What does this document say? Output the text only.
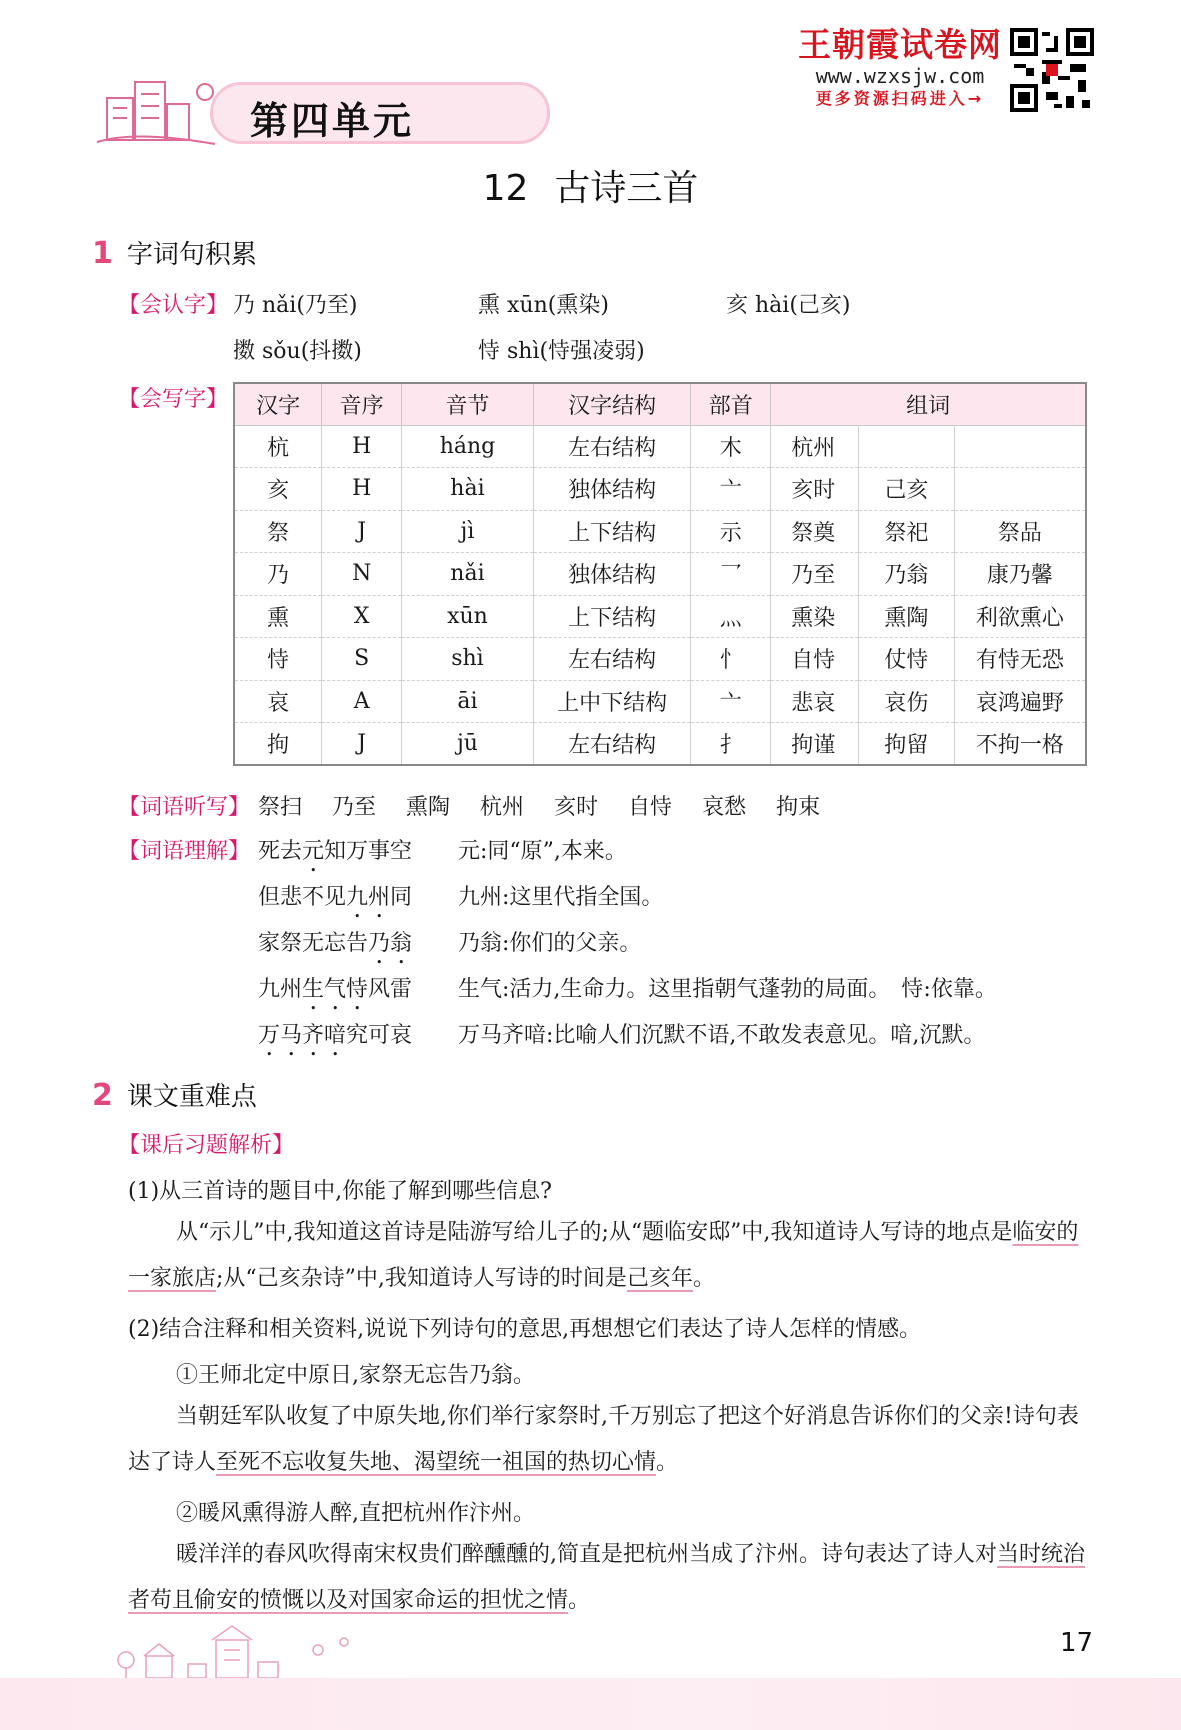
第四单元
王朝霞试卷网
www.wzxsjw.com
更多资源扫码进入→
12 古诗三首
1 字词句积累
【会认字】 乃 nǎi(乃至)	熏 xūn(熏染)	亥 hài(己亥)
擞 sǒu(抖擞)	恃 shì(恃强凌弱)
【会写字】 汉字	音序	音节	汉字结构	部首	组词		
杭	H	háng	左右结构	木	杭州		
亥	H	hài	独体结构	亠	亥时	己亥	
祭	J	jì	上下结构	示	祭奠	祭祀	祭品
乃	N	nǎi	独体结构	乛	乃至	乃翁	康乃馨
熏	X	xūn	上下结构	灬	熏染	熏陶	利欲熏心
恃	S	shì	左右结构	忄	自恃	仗恃	有恃无恐
哀	A	āi	上中下结构	亠	悲哀	哀伤	哀鸿遍野
拘	J	jū	左右结构	扌	拘谨	拘留	不拘一格
【词语听写】 祭扫 乃至 熏陶 杭州 亥时 自恃 哀愁 拘束
【词语理解】 死去元知万事空 元:同“原”,本来。
但悲不见九州同 九州:这里代指全国。
家祭无忘告乃翁 乃翁:你们的父亲。
九州生气恃风雷 生气:活力,生命力。这里指朝气蓬勃的局面。　恃:依靠。
万马齐喑究可哀 万马齐喑:比喻人们沉默不语,不敢发表意见。喑,沉默。
2 课文重难点
【课后习题解析】
(1)从三首诗的题目中,你能了解到哪些信息?
从“示儿”中,我知道这首诗是陆游写给儿子的;从“题临安邸”中,我知道诗人写诗的地点是临安的一家旅店;从“己亥杂诗”中,我知道诗人写诗的时间是己亥年。
(2)结合注释和相关资料,说说下列诗句的意思,再想想它们表达了诗人怎样的情感。
①王师北定中原日,家祭无忘告乃翁。
当朝廷军队收复了中原失地,你们举行家祭时,千万别忘了把这个好消息告诉你们的父亲!诗句表达了诗人至死不忘收复失地、渴望统一祖国的热切心情。
②暖风熏得游人醉,直把杭州作汴州。
暖洋洋的春风吹得南宋权贵们醉醺醺的,简直是把杭州当成了汴州。诗句表达了诗人对当时统治者苟且偷安的愤慨以及对国家命运的担忧之情。
17
